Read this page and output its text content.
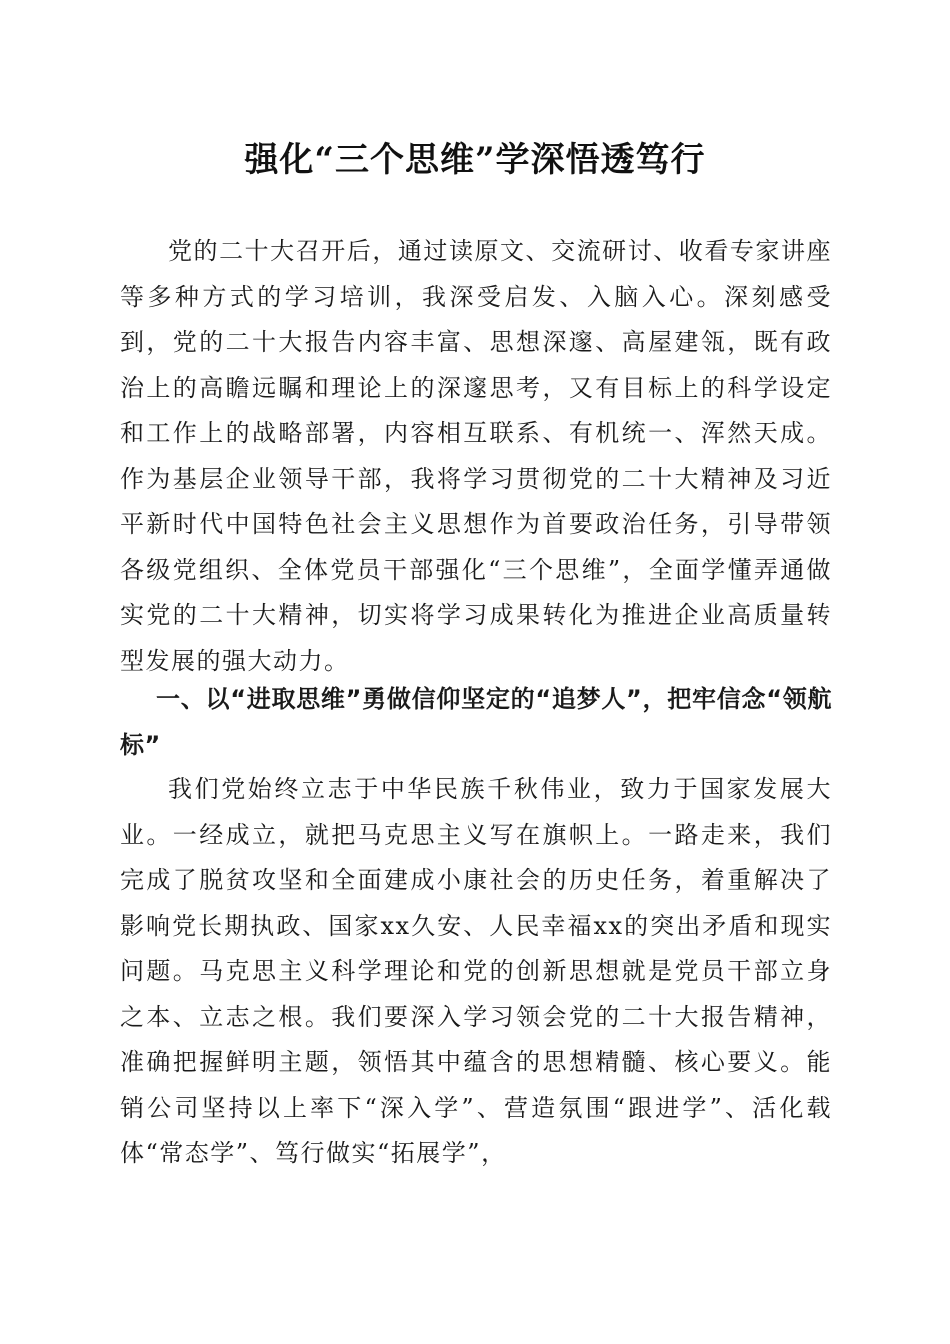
强化“三个思维”学深悟透笃行

党的二十大召开后，通过读原文、交流研讨、收看专家讲座等多种方式的学习培训，我深受启发、入脑入心。深刻感受到，党的二十大报告内容丰富、思想深邃、高屋建瓴，既有政治上的高瞻远瞩和理论上的深邃思考，又有目标上的科学设定和工作上的战略部署，内容相互联系、有机统一、浑然天成。作为基层企业领导干部，我将学习贯彻党的二十大精神及习近平新时代中国特色社会主义思想作为首要政治任务，引导带领各级党组织、全体党员干部强化“三个思维”，全面学懂弄通做实党的二十大精神，切实将学习成果转化为推进企业高质量转型发展的强大动力。

一、以“进取思维”勇做信仰坚定的“追梦人”，把牢信念“领航标”

我们党始终立志于中华民族千秋伟业，致力于国家发展大业。一经成立，就把马克思主义写在旗帜上。一路走来，我们完成了脱贫攻坚和全面建成小康社会的历史任务，着重解决了影响党长期执政、国家xx久安、人民幸福xx的突出矛盾和现实问题。马克思主义科学理论和党的创新思想就是党员干部立身之本、立志之根。我们要深入学习领会党的二十大报告精神，准确把握鲜明主题，领悟其中蕴含的思想精髓、核心要义。能销公司坚持以上率下“深入学”、营造氛围“跟进学”、活化载体“常态学”、笃行做实“拓展学”，
